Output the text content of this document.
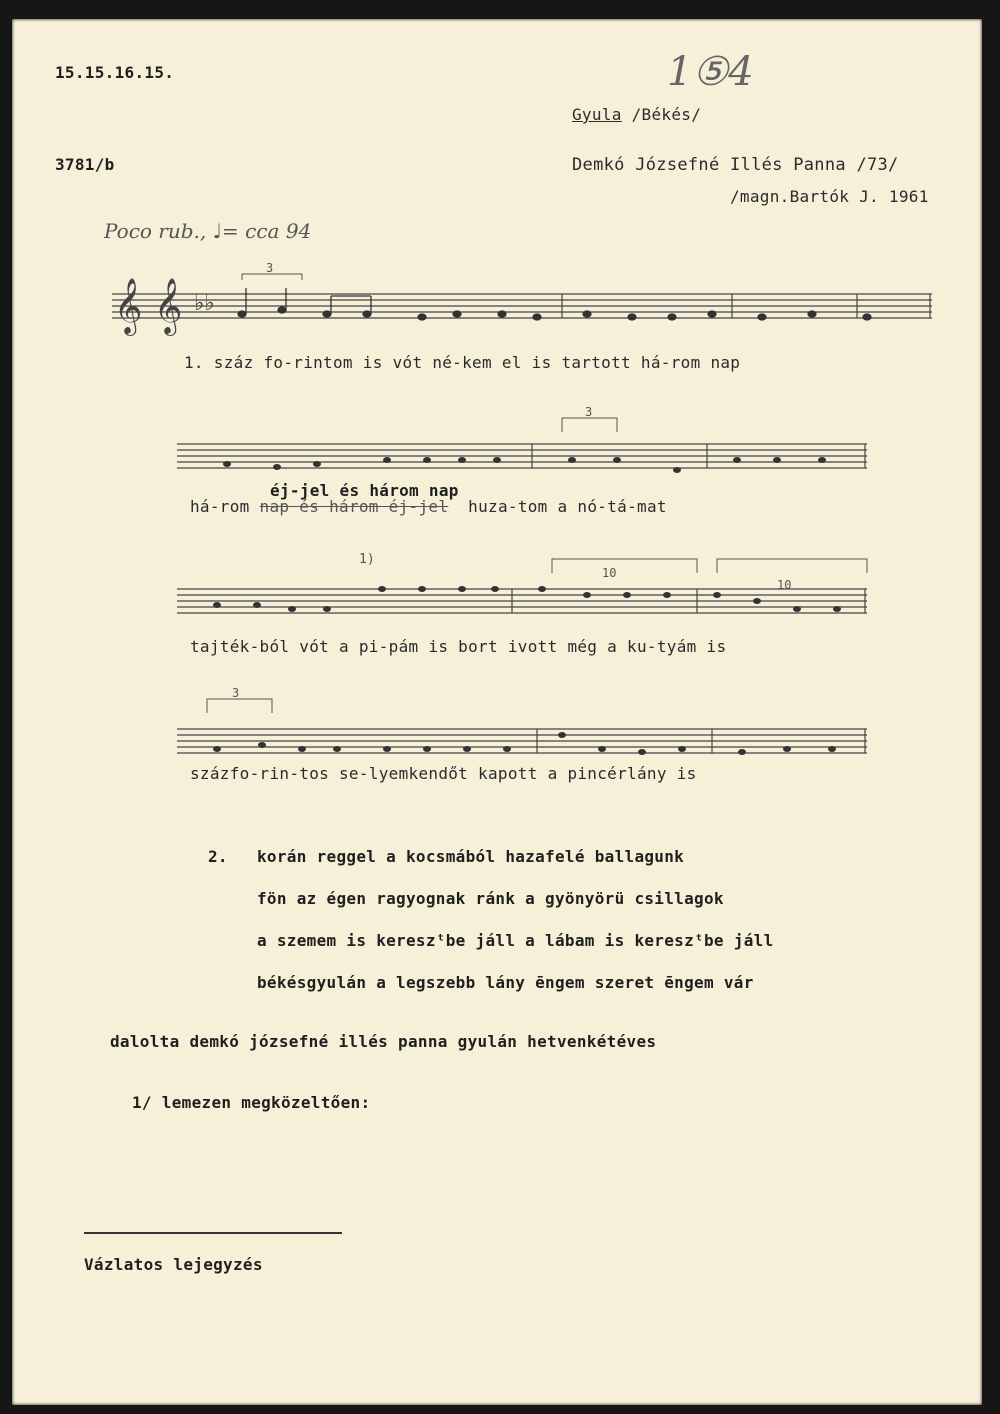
15.15.16.15.
3781/b
1⑤4
Gyula /Békés/
Demkó Józsefné Illés Panna /73/
/magn.Bartók J. 1961
Poco rub., ♩= cca 94
𝄞 𝄞 ♭♭
3
1. száz fo-rintom is vót né-kem el is tartott há-rom nap
3
éj-jel és három nap
há-rom nap és három éj-jel huza-tom a nó-tá-mat
10
10
1)
tajték-ból vót a pi-pám is bort ivott még a ku-tyám is
3
százfo-rin-tos se-lyemkendőt kapott a pincérlány is
2. korán reggel a kocsmából hazafelé ballagunk
fön az égen ragyognak ránk a gyönyörü csillagok
a szemem is kereszᵗbe jáll a lábam is kereszᵗbe jáll
békésgyulán a legszebb lány ēngem szeret ēngem vár
dalolta demkó józsefné illés panna gyulán hetvenkétéves
1/ lemezen megközeltően:
Vázlatos lejegyzés
